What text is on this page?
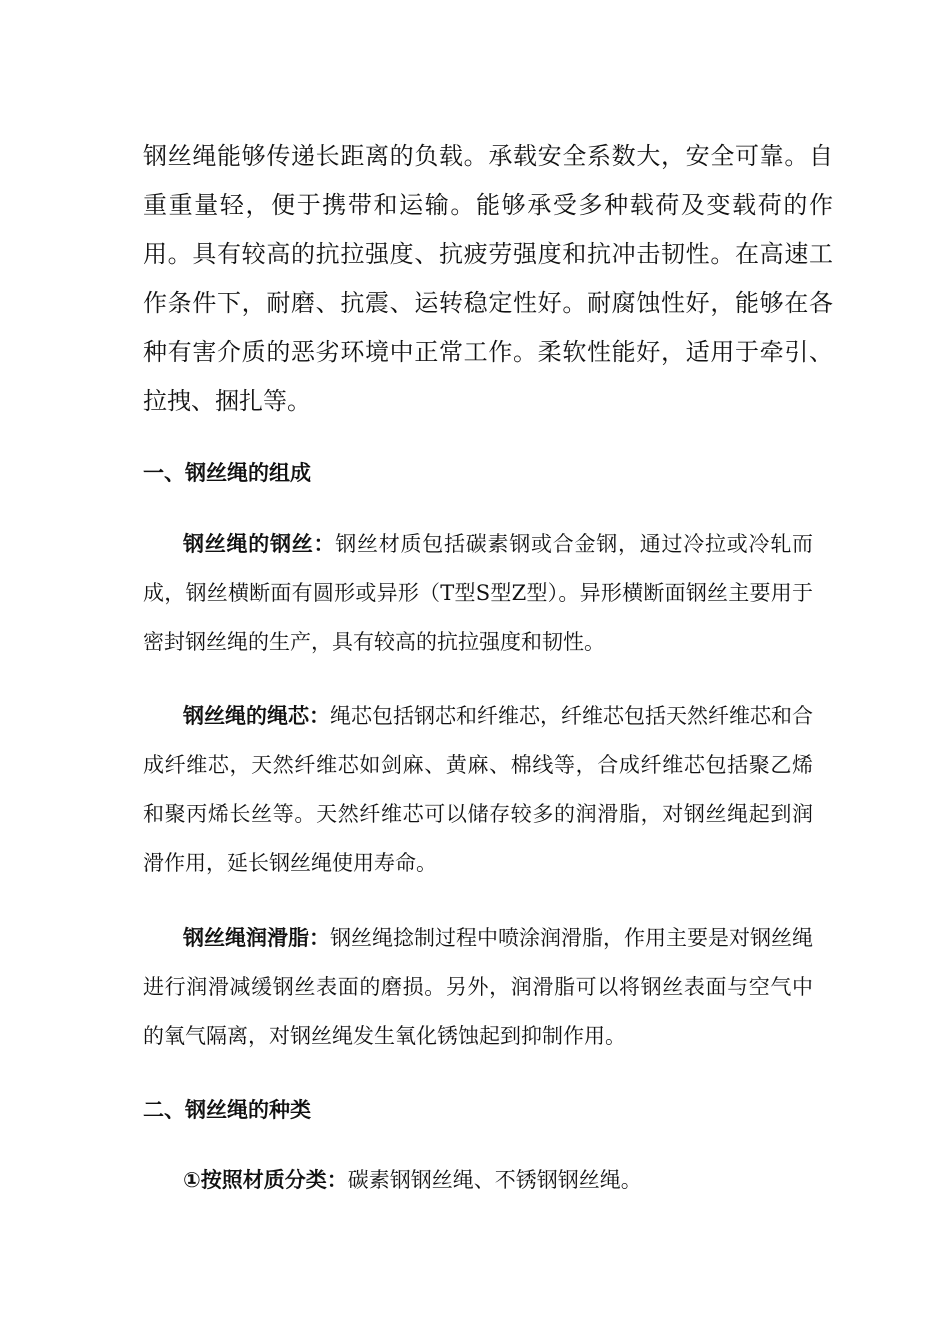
钢丝绳能够传递长距离的负载。承载安全系数大，安全可靠。自重重量轻，便于携带和运输。能够承受多种载荷及变载荷的作用。具有较高的抗拉强度、抗疲劳强度和抗冲击韧性。在高速工作条件下，耐磨、抗震、运转稳定性好。耐腐蚀性好，能够在各种有害介质的恶劣环境中正常工作。柔软性能好，适用于牵引、拉拽、捆扎等。

一、钢丝绳的组成

钢丝绳的钢丝：钢丝材质包括碳素钢或合金钢，通过冷拉或冷轧而成，钢丝横断面有圆形或异形（T型S型Z型）。异形横断面钢丝主要用于密封钢丝绳的生产，具有较高的抗拉强度和韧性。

钢丝绳的绳芯：绳芯包括钢芯和纤维芯，纤维芯包括天然纤维芯和合成纤维芯，天然纤维芯如剑麻、黄麻、棉线等，合成纤维芯包括聚乙烯和聚丙烯长丝等。天然纤维芯可以储存较多的润滑脂，对钢丝绳起到润滑作用，延长钢丝绳使用寿命。

钢丝绳润滑脂：钢丝绳捻制过程中喷涂润滑脂，作用主要是对钢丝绳进行润滑减缓钢丝表面的磨损。另外，润滑脂可以将钢丝表面与空气中的氧气隔离，对钢丝绳发生氧化锈蚀起到抑制作用。

二、钢丝绳的种类

①按照材质分类：碳素钢钢丝绳、不锈钢钢丝绳。
